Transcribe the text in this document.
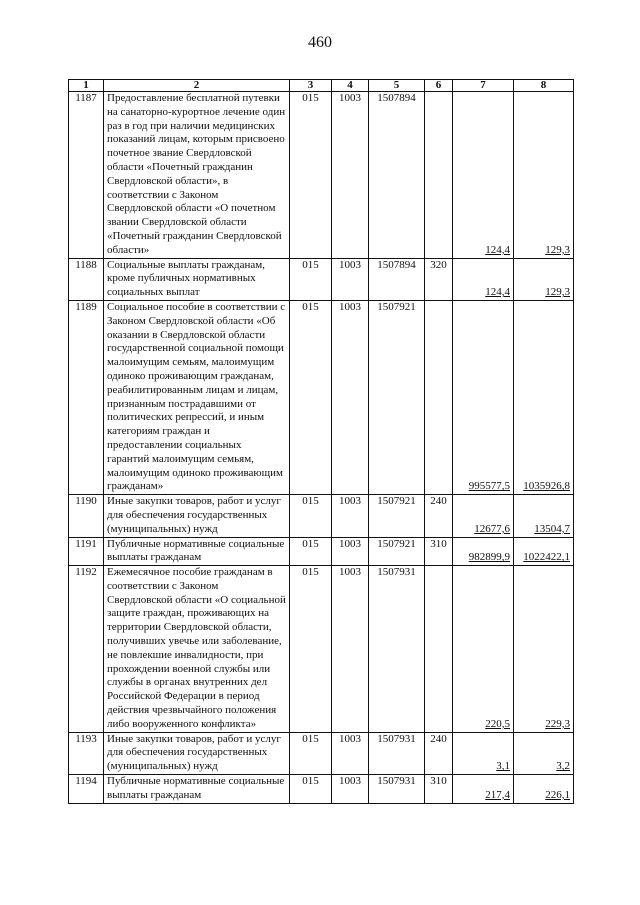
460
1	2	3	4	5	6	7	8
1187	Предоставление бесплатной путевки на санаторно-курортное лечение один раз в год при наличии медицинских показаний лицам, которым присвоено почетное звание Свердловской области «Почетный гражданин Свердловской области», в соответствии с Законом Свердловской области «О почетном звании Свердловской области «Почетный гражданин Свердловской области»	015	1003	1507894		124,4	129,3
1188	Социальные выплаты гражданам, кроме публичных нормативных социальных выплат	015	1003	1507894	320	124,4	129,3
1189	Социальное пособие в соответствии с Законом Свердловской области «Об оказании в Свердловской области государственной социальной помощи малоимущим семьям, малоимущим одиноко проживающим гражданам, реабилитированным лицам и лицам, признанным пострадавшими от политических репрессий, и иным категориям граждан и предоставлении социальных гарантий малоимущим семьям, малоимущим одиноко проживающим гражданам»	015	1003	1507921		995577,5	1035926,8
1190	Иные закупки товаров, работ и услуг для обеспечения государственных (муниципальных) нужд	015	1003	1507921	240	12677,6	13504,7
1191	Публичные нормативные социальные выплаты гражданам	015	1003	1507921	310	982899,9	1022422,1
1192	Ежемесячное пособие гражданам в соответствии с Законом Свердловской области «О социальной защите граждан, проживающих на территории Свердловской области, получивших увечье или заболевание, не повлекшие инвалидности, при прохождении военной службы или службы в органах внутренних дел Российской Федерации в период действия чрезвычайного положения либо вооруженного конфликта»	015	1003	1507931		220,5	229,3
1193	Иные закупки товаров, работ и услуг для обеспечения государственных (муниципальных) нужд	015	1003	1507931	240	3,1	3,2
1194	Публичные нормативные социальные выплаты гражданам	015	1003	1507931	310	217,4	226,1
